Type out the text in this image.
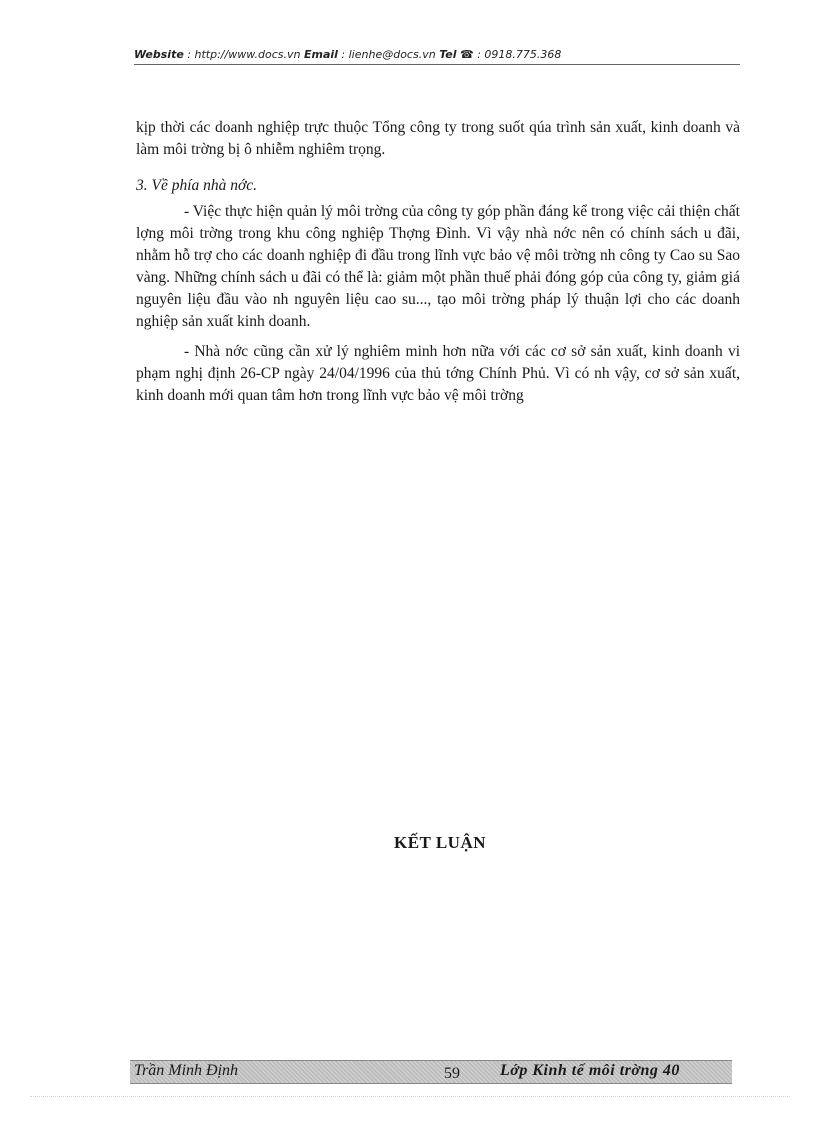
Website : http://www.docs.vn Email : lienhe@docs.vn Tel ☎ : 0918.775.368

kịp thời các doanh nghiệp trực thuộc Tổng công ty trong suốt qúa trình sản xuất, kinh doanh và làm môi trờng bị ô nhiễm nghiêm trọng.

3. Về phía nhà nớc.

- Việc thực hiện quản lý môi trờng của công ty góp phần đáng kể trong việc cải thiện chất lợng môi trờng trong khu công nghiệp Thợng Đình. Vì vậy nhà nớc nên có chính sách u đãi, nhằm hỗ trợ cho các doanh nghiệp đi đầu trong lĩnh vực bảo vệ môi trờng nh công ty Cao su Sao vàng. Những chính sách u đãi có thể là: giảm một phần thuế phải đóng góp của công ty, giảm giá nguyên liệu đầu vào nh nguyên liệu cao su..., tạo môi trờng pháp lý thuận lợi cho các doanh nghiệp sản xuất kinh doanh.

- Nhà nớc cũng cần xử lý nghiêm minh hơn nữa với các cơ sở sản xuất, kinh doanh vi phạm nghị định 26-CP ngày 24/04/1996 của thủ tớng Chính Phủ. Vì có nh vậy, cơ sở sản xuất, kinh doanh mới quan tâm hơn trong lĩnh vực bảo vệ môi trờng

KẾT LUẬN
Trần Minh Định	59	Lớp Kinh tế môi trờng 40
